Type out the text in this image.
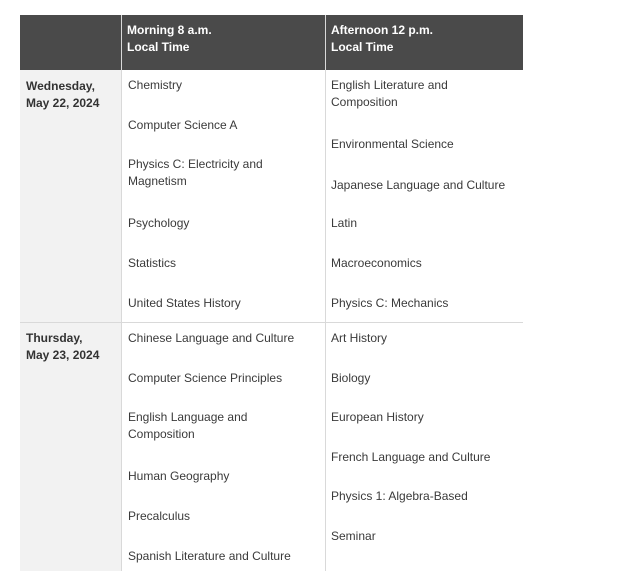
Morning 8 a.m.
Local Time
Afternoon 12 p.m.
Local Time
Wednesday,
May 22, 2024
Chemistry
Computer Science A
Physics C: Electricity and
Magnetism
Psychology
Statistics
United States History
English Literature and
Composition
Environmental Science
Japanese Language and Culture
Latin
Macroeconomics
Physics C: Mechanics
Thursday,
May 23, 2024
Chinese Language and Culture
Computer Science Principles
English Language and
Composition
Human Geography
Precalculus
Spanish Literature and Culture
Art History
Biology
European History
French Language and Culture
Physics 1: Algebra-Based
Seminar
